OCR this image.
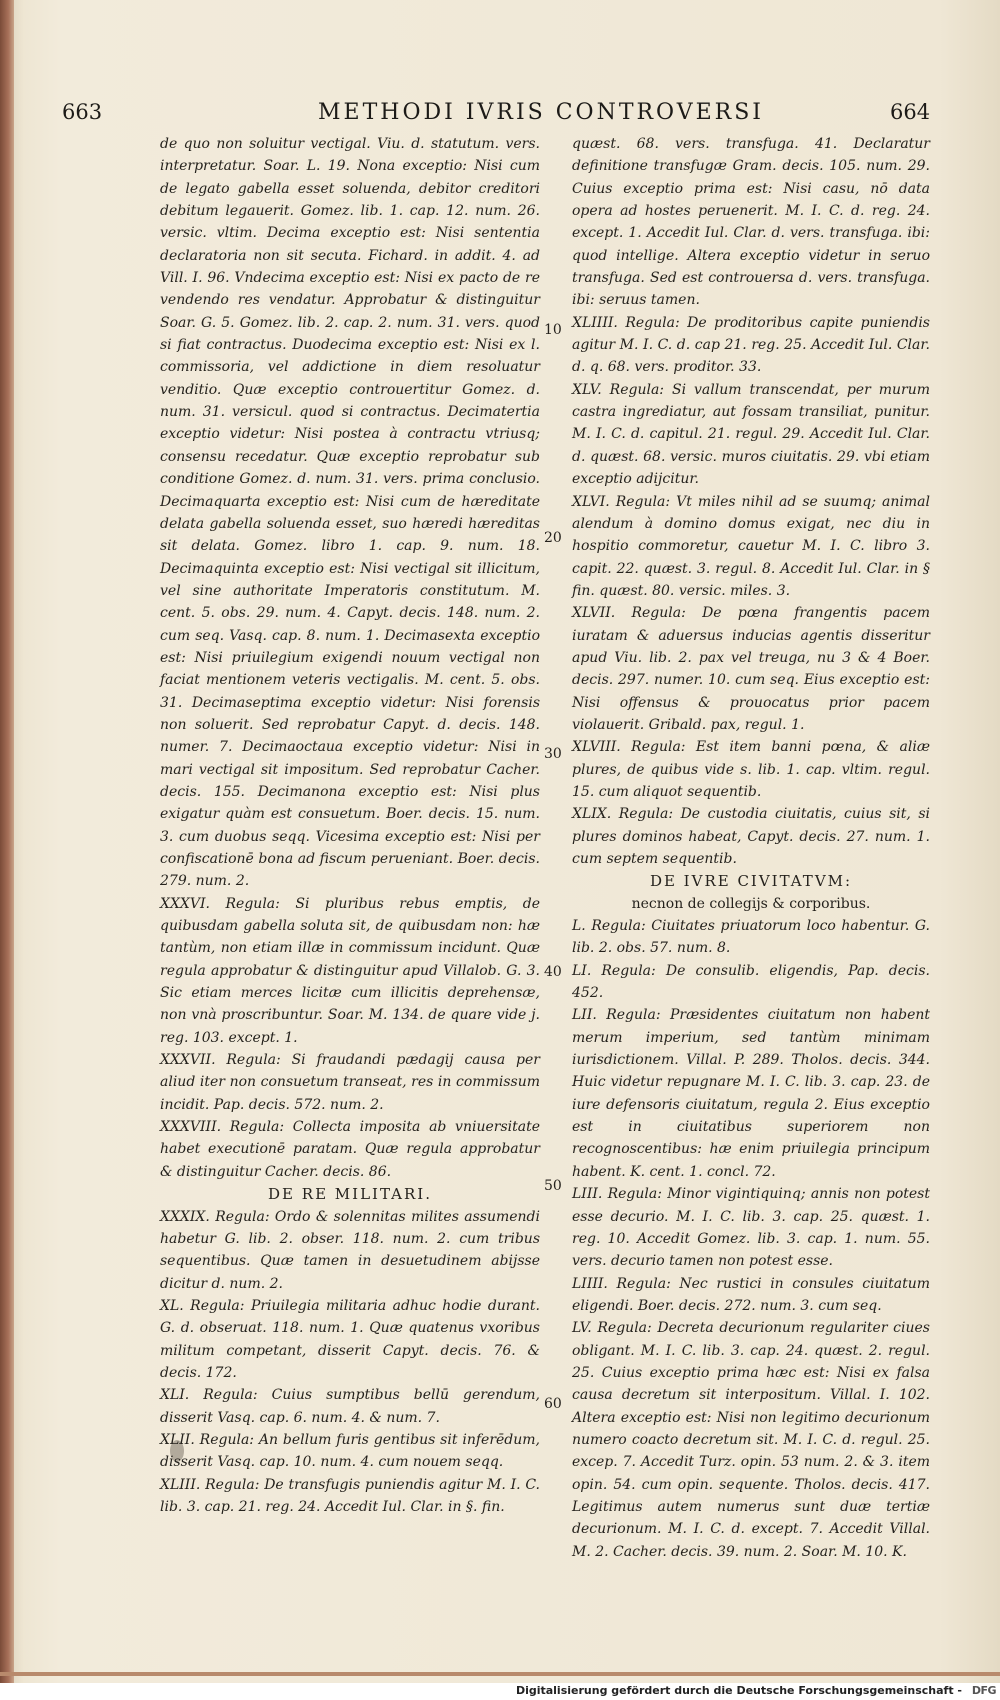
663	METHODI IVRIS CONTROVERSI	664

de quo non soluitur vectigal. Viu. d. statutum. vers. interpretatur. Soar. L. 19. Nona exceptio: Nisi cum de legato gabella esset soluenda, debitor creditori debitum legauerit. Gomez. lib. 1. cap. 12. num. 26. versic. vltim. Decima exceptio est: Nisi sententia declaratoria non sit secuta. Fichard. in addit. 4. ad Vill. I. 96. Vndecima exceptio est: Nisi ex pacto de re vendendo res vendatur. Approbatur & distinguitur Soar. G. 5. Gomez. lib. 2. cap. 2. num. 31. vers. quod si fiat contractus. Duodecima exceptio est: Nisi ex l. commissoria, vel addictione in diem resoluatur venditio. Quæ exceptio controuertitur Gomez. d. num. 31. versicul. quod si contractus. Decimatertia exceptio videtur: Nisi postea à contractu vtriusq; consensu recedatur. Quæ exceptio reprobatur sub conditione Gomez. d. num. 31. vers. prima conclusio. Decimaquarta exceptio est: Nisi cum de hæreditate delata gabella soluenda esset, suo hæredi hæreditas sit delata. Gomez. libro 1. cap. 9. num. 18. Decimaquinta exceptio est: Nisi vectigal sit illicitum, vel sine authoritate Imperatoris constitutum. M. cent. 5. obs. 29. num. 4. Capyt. decis. 148. num. 2. cum seq. Vasq. cap. 8. num. 1. Decimasexta exceptio est: Nisi priuilegium exigendi nouum vectigal non faciat mentionem veteris vectigalis. M. cent. 5. obs. 31. Decimaseptima exceptio videtur: Nisi forensis non soluerit. Sed reprobatur Capyt. d. decis. 148. numer. 7. Decimaoctaua exceptio videtur: Nisi in mari vectigal sit impositum. Sed reprobatur Cacher. decis. 155. Decimanona exceptio est: Nisi plus exigatur quàm est consuetum. Boer. decis. 15. num. 3. cum duobus seqq. Vicesima exceptio est: Nisi per confiscationē bona ad fiscum perueniant. Boer. decis. 279. num. 2.

XXXVI. Regula: Si pluribus rebus emptis, de quibusdam gabella soluta sit, de quibusdam non: hæ tantùm, non etiam illæ in commissum incidunt. Quæ regula approbatur & distinguitur apud Villalob. G. 3. Sic etiam merces licitæ cum illicitis deprehensæ, non vnà proscribuntur. Soar. M. 134. de quare vide j. reg. 103. except. 1.

XXXVII. Regula: Si fraudandi pædagij causa per aliud iter non consuetum transeat, res in commissum incidit. Pap. decis. 572. num. 2.

XXXVIII. Regula: Collecta imposita ab vniuersitate habet executionē paratam. Quæ regula approbatur & distinguitur Cacher. decis. 86.

DE RE MILITARI.

XXXIX. Regula: Ordo & solennitas milites assumendi habetur G. lib. 2. obser. 118. num. 2. cum tribus sequentibus. Quæ tamen in desuetudinem abijsse dicitur d. num. 2.

XL. Regula: Priuilegia militaria adhuc hodie durant. G. d. obseruat. 118. num. 1. Quæ quatenus vxoribus militum competant, disserit Capyt. decis. 76. & decis. 172.

XLI. Regula: Cuius sumptibus bellū gerendum, disserit Vasq. cap. 6. num. 4. & num. 7.

XLII. Regula: An bellum furis gentibus sit inferēdum, disserit Vasq. cap. 10. num. 4. cum nouem seqq.

XLIII. Regula: De transfugis puniendis agitur M. I. C. lib. 3. cap. 21. reg. 24. Accedit Iul. Clar. in §. fin.

10
20
30
40
50
60

quæst. 68. vers. transfuga. 41. Declaratur definitione transfugæ Gram. decis. 105. num. 29. Cuius exceptio prima est: Nisi casu, nō data opera ad hostes peruenerit. M. I. C. d. reg. 24. except. 1. Accedit Iul. Clar. d. vers. transfuga. ibi: quod intellige. Altera exceptio videtur in seruo transfuga. Sed est controuersa d. vers. transfuga. ibi: seruus tamen.

XLIIII. Regula: De proditoribus capite puniendis agitur M. I. C. d. cap 21. reg. 25. Accedit Iul. Clar. d. q. 68. vers. proditor. 33.

XLV. Regula: Si vallum transcendat, per murum castra ingrediatur, aut fossam transiliat, punitur. M. I. C. d. capitul. 21. regul. 29. Accedit Iul. Clar. d. quæst. 68. versic. muros ciuitatis. 29. vbi etiam exceptio adijcitur.

XLVI. Regula: Vt miles nihil ad se suumq; animal alendum à domino domus exigat, nec diu in hospitio commoretur, cauetur M. I. C. libro 3. capit. 22. quæst. 3. regul. 8. Accedit Iul. Clar. in § fin. quæst. 80. versic. miles. 3.

XLVII. Regula: De pœna frangentis pacem iuratam & aduersus inducias agentis disseritur apud Viu. lib. 2. pax vel treuga, nu 3 & 4 Boer. decis. 297. numer. 10. cum seq. Eius exceptio est: Nisi offensus & prouocatus prior pacem violauerit. Gribald. pax, regul. 1.

XLVIII. Regula: Est item banni pœna, & aliæ plures, de quibus vide s. lib. 1. cap. vltim. regul. 15. cum aliquot sequentib.

XLIX. Regula: De custodia ciuitatis, cuius sit, si plures dominos habeat, Capyt. decis. 27. num. 1. cum septem sequentib.

DE IVRE CIVITATVM:

necnon de collegijs & corporibus.

L. Regula: Ciuitates priuatorum loco habentur. G. lib. 2. obs. 57. num. 8.

LI. Regula: De consulib. eligendis, Pap. decis. 452.

LII. Regula: Præsidentes ciuitatum non habent merum imperium, sed tantùm minimam iurisdictionem. Villal. P. 289. Tholos. decis. 344. Huic videtur repugnare M. I. C. lib. 3. cap. 23. de iure defensoris ciuitatum, regula 2. Eius exceptio est in ciuitatibus superiorem non recognoscentibus: hæ enim priuilegia principum habent. K. cent. 1. concl. 72.

LIII. Regula: Minor vigintiquinq; annis non potest esse decurio. M. I. C. lib. 3. cap. 25. quæst. 1. reg. 10. Accedit Gomez. lib. 3. cap. 1. num. 55. vers. decurio tamen non potest esse.

LIIII. Regula: Nec rustici in consules ciuitatum eligendi. Boer. decis. 272. num. 3. cum seq.

LV. Regula: Decreta decurionum regulariter ciues obligant. M. I. C. lib. 3. cap. 24. quæst. 2. regul. 25. Cuius exceptio prima hæc est: Nisi ex falsa causa decretum sit interpositum. Villal. I. 102. Altera exceptio est: Nisi non legitimo decurionum numero coacto decretum sit. M. I. C. d. regul. 25. excep. 7. Accedit Turz. opin. 53 num. 2. & 3. item opin. 54. cum opin. sequente. Tholos. decis. 417. Legitimus autem numerus sunt duæ tertiæ decurionum. M. I. C. d. except. 7. Accedit Villal. M. 2. Cacher. decis. 39. num. 2. Soar. M. 10. K.

Digitalisierung gefördert durch die Deutsche Forschungsgemeinschaft - DFG
